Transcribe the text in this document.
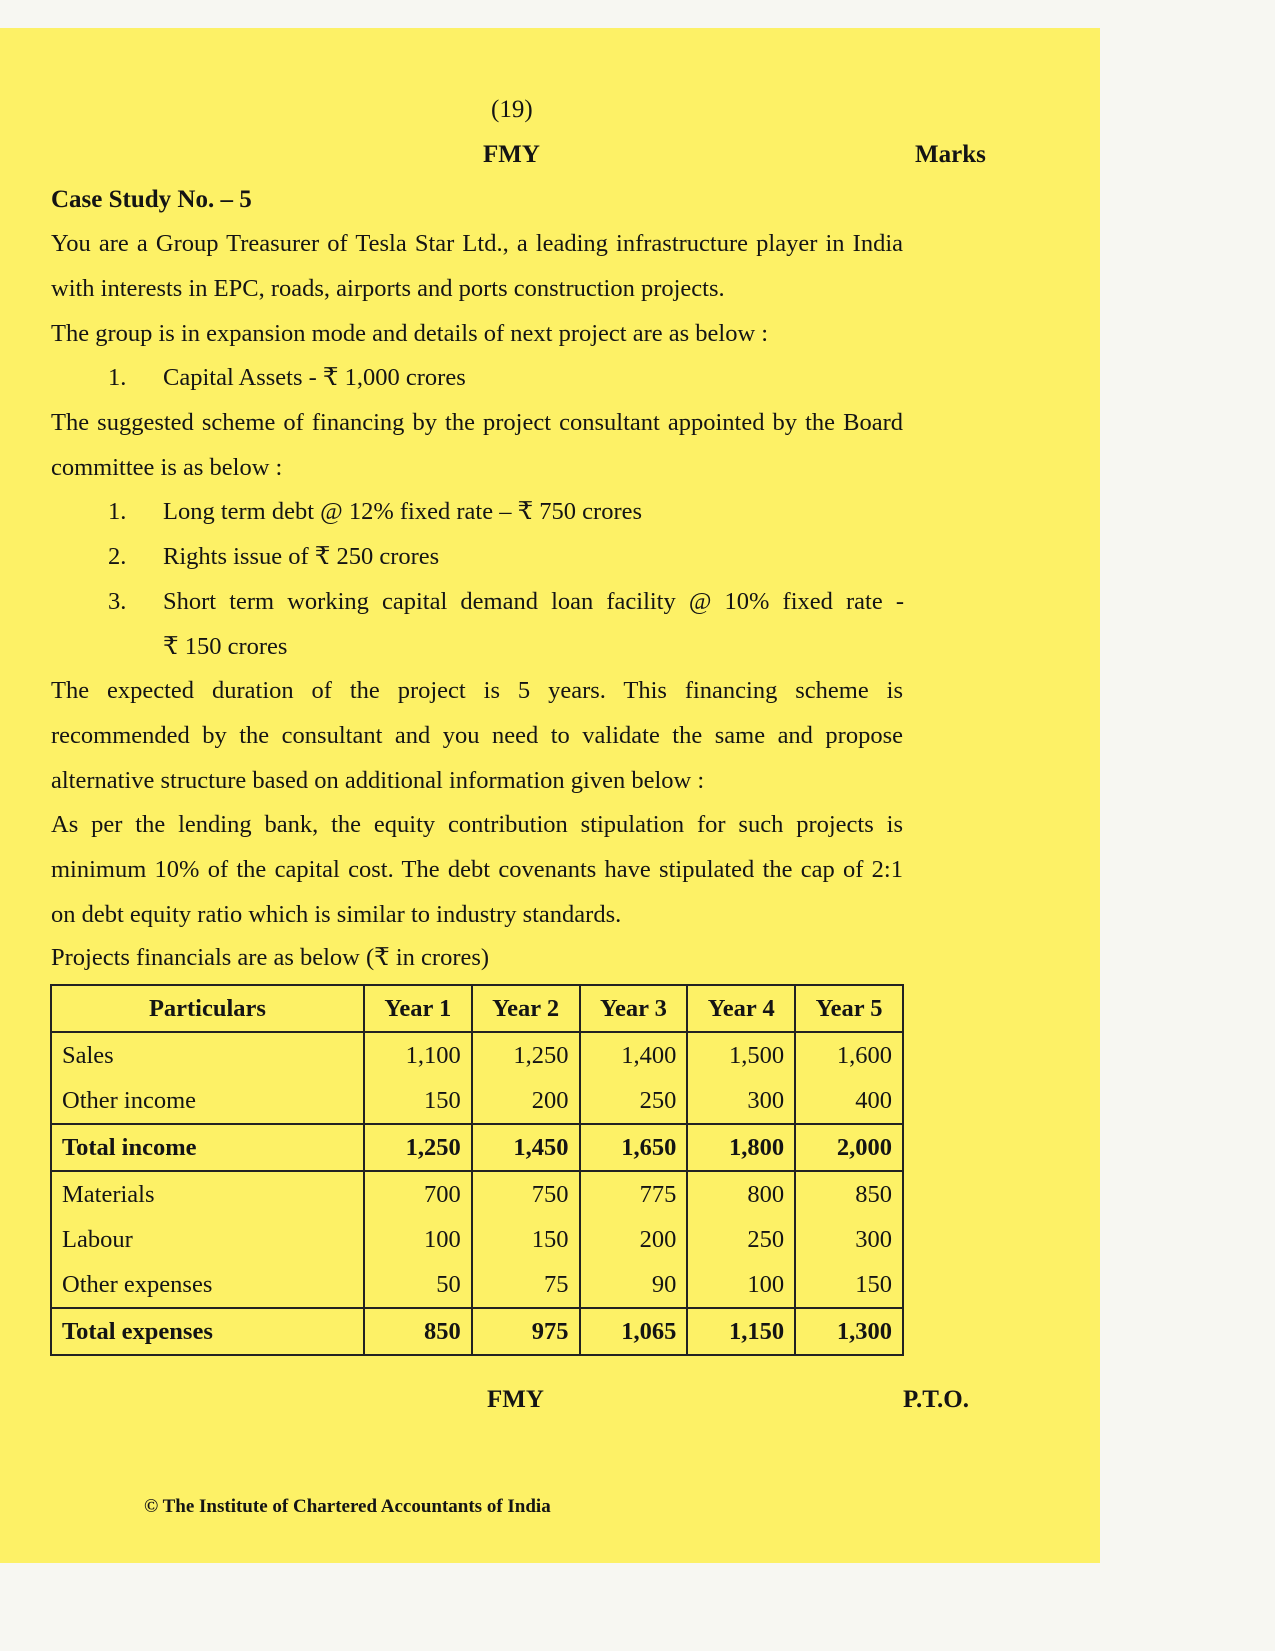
(19)
FMY	Marks
Case Study No. – 5
You are a Group Treasurer of Tesla Star Ltd., a leading infrastructure player in India with interests in EPC, roads, airports and ports construction projects.
The group is in expansion mode and details of next project are as below :
1. Capital Assets - ₹ 1,000 crores
The suggested scheme of financing by the project consultant appointed by the Board committee is as below :
1. Long term debt @ 12% fixed rate – ₹ 750 crores
2. Rights issue of ₹ 250 crores
3. Short term working capital demand loan facility @ 10% fixed rate -
₹ 150 crores
The expected duration of the project is 5 years. This financing scheme is recommended by the consultant and you need to validate the same and propose alternative structure based on additional information given below :
As per the lending bank, the equity contribution stipulation for such projects is minimum 10% of the capital cost. The debt covenants have stipulated the cap of 2:1 on debt equity ratio which is similar to industry standards.
Projects financials are as below (₹ in crores)
Particulars	Year 1	Year 2	Year 3	Year 4	Year 5
Sales	1,100	1,250	1,400	1,500	1,600
Other income	150	200	250	300	400
Total income	1,250	1,450	1,650	1,800	2,000
Materials	700	750	775	800	850
Labour	100	150	200	250	300
Other expenses	50	75	90	100	150
Total expenses	850	975	1,065	1,150	1,300
FMY	P.T.O.
© The Institute of Chartered Accountants of India
